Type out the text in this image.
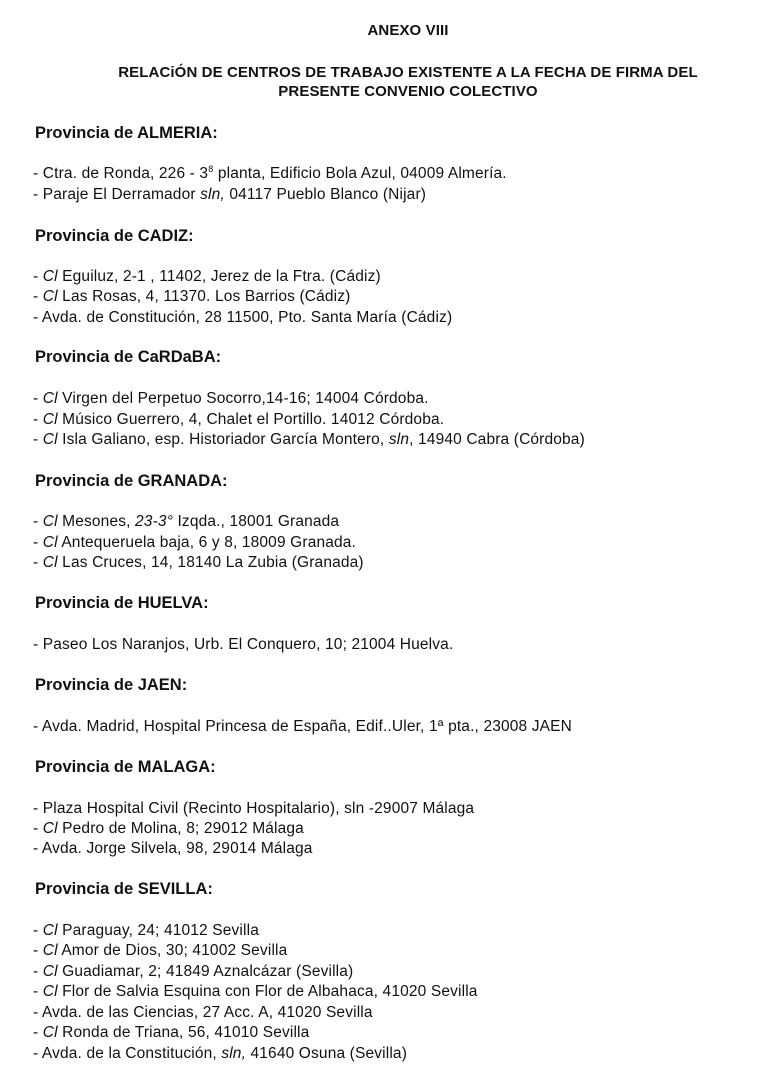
ANEXO VIII
RELACiÓN DE CENTROS DE TRABAJO EXISTENTE A LA FECHA DE FIRMA DEL
PRESENTE CONVENIO COLECTIVO
Provincia de ALMERIA:
- Ctra. de Ronda, $226 - 3^8$ planta, Edificio Bola Azul, 04009 Almería.
- Paraje El Derramador sln, 04117 Pueblo Blanco (Nijar)
Provincia de CADIZ:
- Cl Eguiluz, 2-1 , 11402, Jerez de la Ftra. (Cádiz)
- Cl Las Rosas, 4, 11370. Los Barrios (Cádiz)
- Avda. de Constitución, 28 11500, Pto. Santa María (Cádiz)
Provincia de CaRDaBA:
- Cl Virgen del Perpetuo Socorro,14-16; 14004 Córdoba.
- Cl Músico Guerrero, 4, Chalet el Portillo. 14012 Córdoba.
- Cl Isla Galiano, esp. Historiador García Montero, sln, 14940 Cabra (Córdoba)
Provincia de GRANADA:
- Cl Mesones, 23-3° Izqda., 18001 Granada
- Cl Antequeruela baja, 6 y 8, 18009 Granada.
- Cl Las Cruces, 14, 18140 La Zubia (Granada)
Provincia de HUELVA:
- Paseo Los Naranjos, Urb. El Conquero, 10; 21004 Huelva.
Provincia de JAEN:
- Avda. Madrid, Hospital Princesa de España, Edif..Uler, 1ª pta., 23008 JAEN
Provincia de MALAGA:
- Plaza Hospital Civil (Recinto Hospitalario), sln -29007 Málaga
- Cl Pedro de Molina, 8; 29012 Málaga
- Avda. Jorge Silvela, 98, 29014 Málaga
Provincia de SEVILLA:
- Cl Paraguay, 24; 41012 Sevilla
- Cl Amor de Dios, 30; 41002 Sevilla
- Cl Guadiamar, 2; 41849 Aznalcázar (Sevilla)
- Cl Flor de Salvia Esquina con Flor de Albahaca, 41020 Sevilla
- Avda. de las Ciencias, 27 Acc. A, 41020 Sevilla
- Cl Ronda de Triana, 56, 41010 Sevilla
- Avda. de la Constitución, sln, 41640 Osuna (Sevilla)
